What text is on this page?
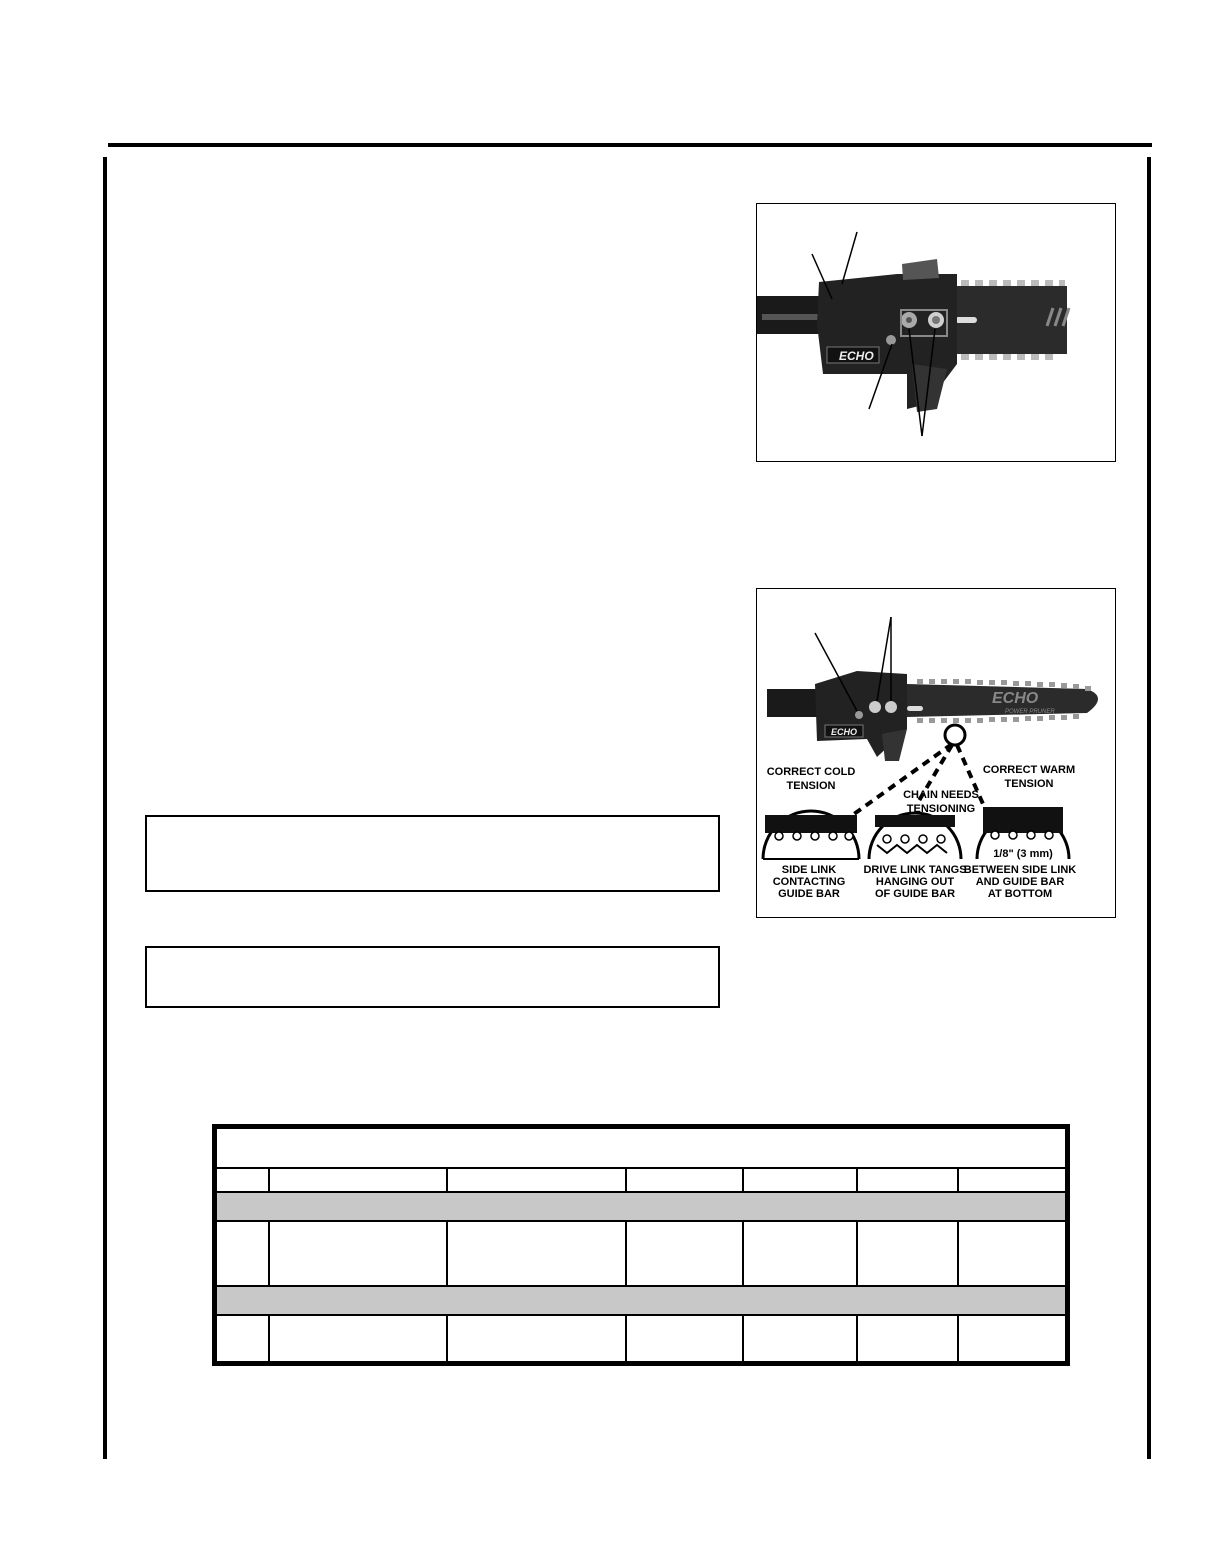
ECHO
ECHO
POWER PRUNER
ECHO
CORRECT COLD
TENSION
CHAIN NEEDS
TENSIONING
CORRECT WARM
TENSION
1/8" (3 mm)
SIDE LINK
CONTACTING
GUIDE BAR
DRIVE LINK TANGS
HANGING OUT
OF GUIDE BAR
BETWEEN SIDE LINK
AND GUIDE BAR
AT BOTTOM
